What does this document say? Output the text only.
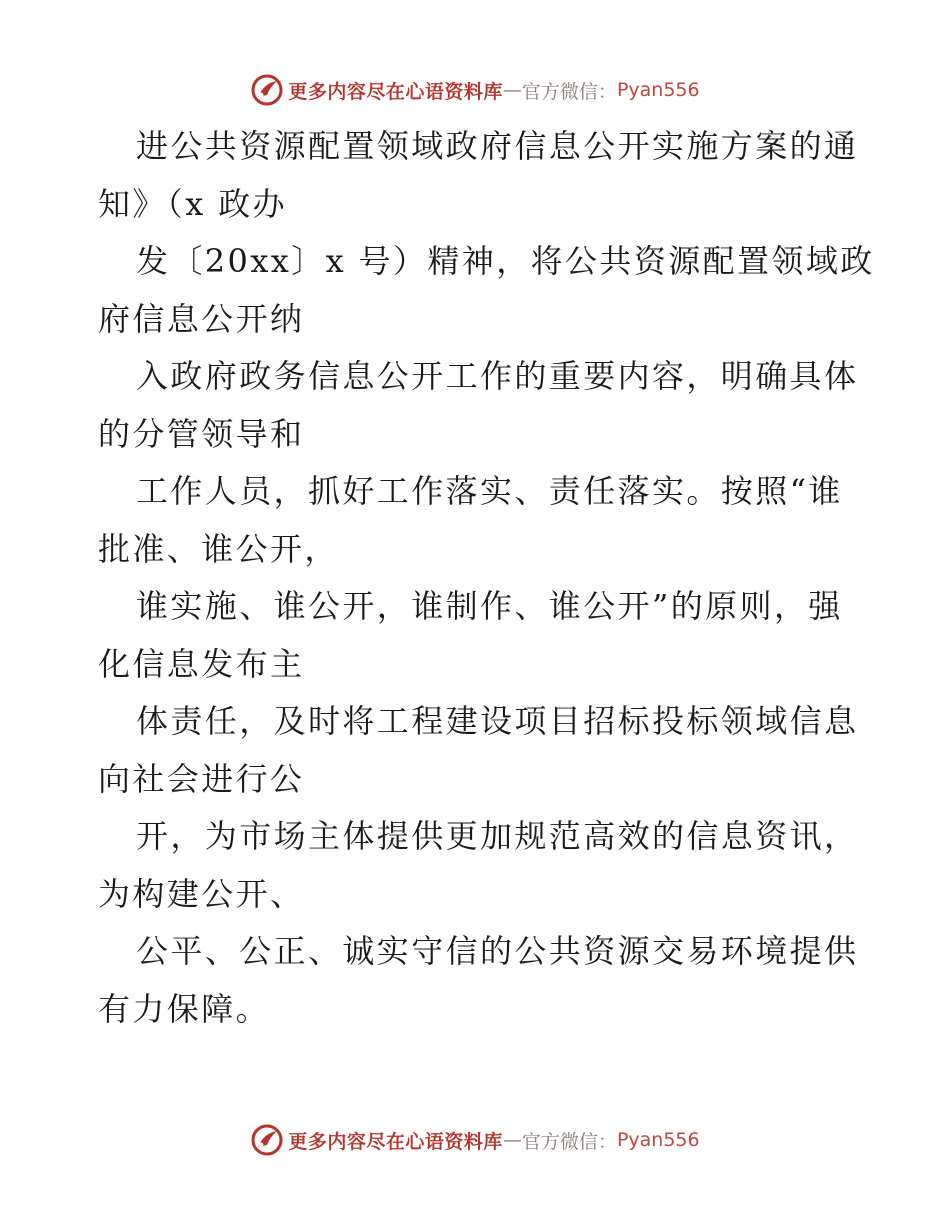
更多内容尽在心语资料库 — 官方微信： Pyan556
进公共资源配置领域政府信息公开实施方案的通
知》（x 政办
发〔20xx〕x 号）精神，将公共资源配置领域政
府信息公开纳
入政府政务信息公开工作的重要内容，明确具体
的分管领导和
工作人员，抓好工作落实、责任落实。按照“谁
批准、谁公开，
谁实施、谁公开，谁制作、谁公开”的原则，强
化信息发布主
体责任，及时将工程建设项目招标投标领域信息
向社会进行公
开，为市场主体提供更加规范高效的信息资讯，
为构建公开、
公平、公正、诚实守信的公共资源交易环境提供
有力保障。
更多内容尽在心语资料库 — 官方微信： Pyan556
